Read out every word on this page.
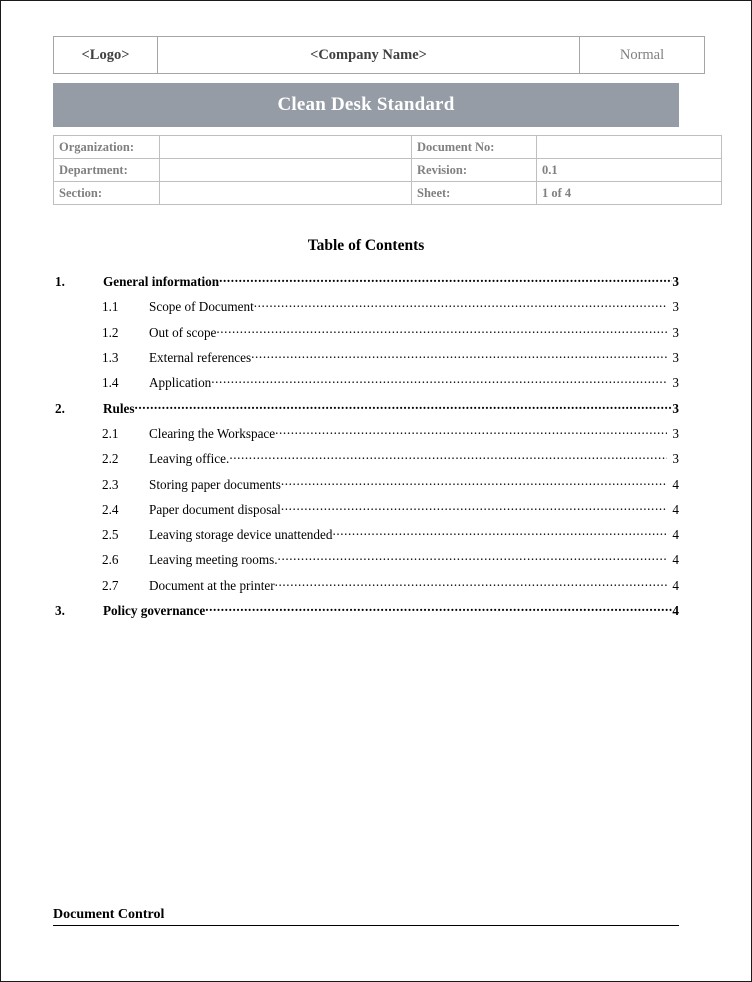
<Logo>	<Company Name>	Normal
Clean Desk Standard
Organization:		Document No:	
Department:		Revision:	0.1
Section:		Sheet:	1 of 4
Table of Contents
1.	General information .....	3
1.1	Scope of Document .....	3
1.2	Out of scope .....	3
1.3	External references .....	3
1.4	Application .....	3
2.	Rules .....	3
2.1	Clearing the Workspace .....	3
2.2	Leaving office. .....	3
2.3	Storing paper documents .....	4
2.4	Paper document disposal .....	4
2.5	Leaving storage device unattended .....	4
2.6	Leaving meeting rooms. .....	4
2.7	Document at the printer .....	4
3.	Policy governance .....	4
Document Control
